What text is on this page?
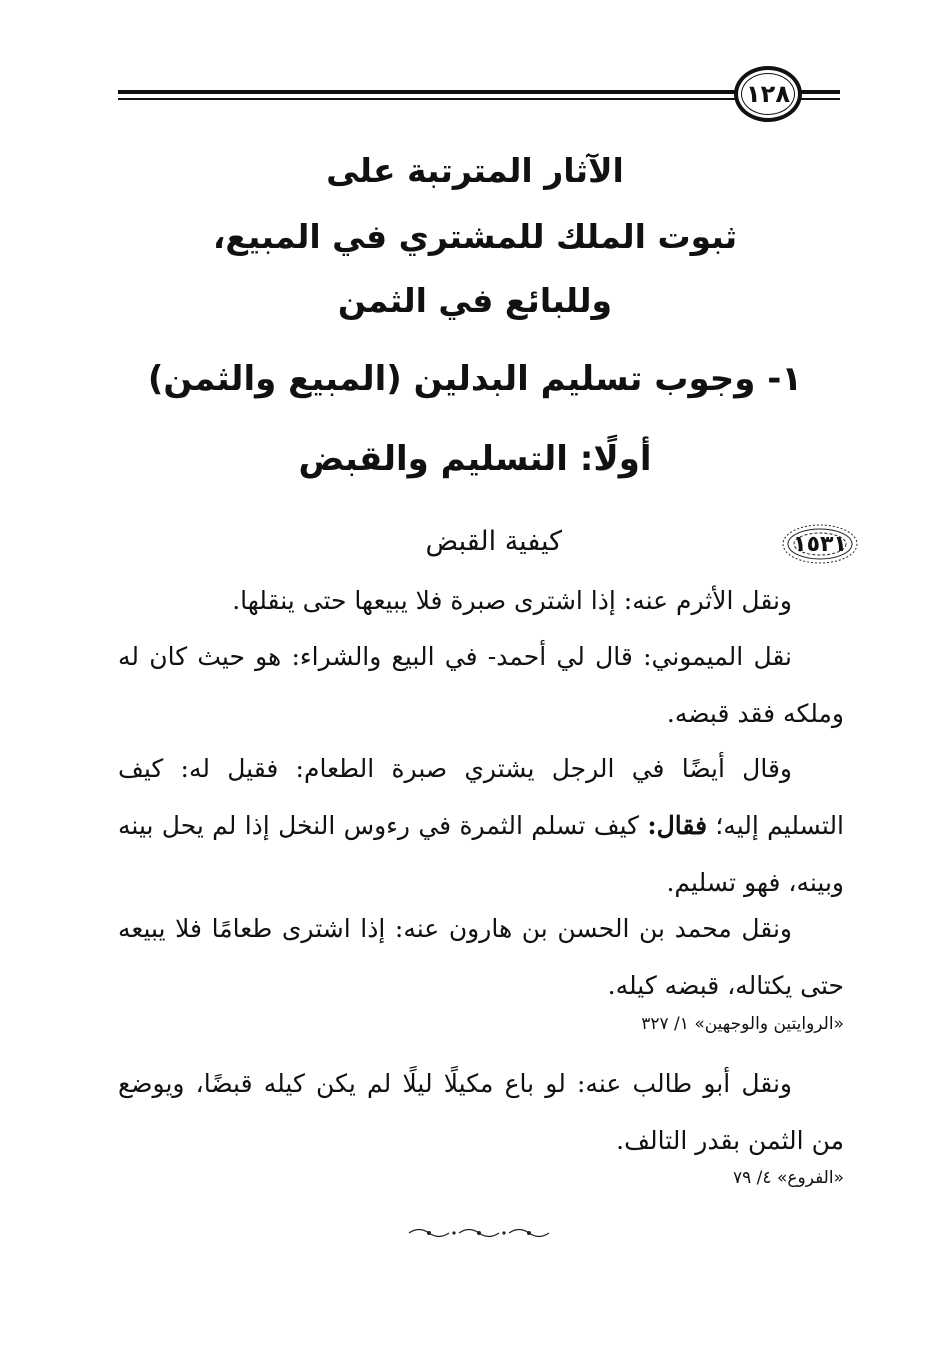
١٢٨
الآثار المترتبة على
ثبوت الملك للمشتري في المبيع،
وللبائع في الثمن
١- وجوب تسليم البدلين (المبيع والثمن)
أولًا: التسليم والقبض
١٥٣١
كيفية القبض
ونقل الأثرم عنه: إذا اشترى صبرة فلا يبيعها حتى ينقلها.
نقل الميموني: قال لي أحمد- في البيع والشراء: هو حيث كان له وملكه فقد قبضه.
وقال أيضًا في الرجل يشتري صبرة الطعام: فقيل له: كيف التسليم إليه؛ فقال: كيف تسلم الثمرة في رءوس النخل إذا لم يحل بينه وبينه، فهو تسليم.
ونقل محمد بن الحسن بن هارون عنه: إذا اشترى طعامًا فلا يبيعه حتى يكتاله، قبضه كيله.
«الروايتين والوجهين» ١/ ٣٢٧
ونقل أبو طالب عنه: لو باع مكيلًا ليلًا لم يكن كيله قبضًا، ويوضع من الثمن بقدر التالف.
«الفروع» ٤/ ٧٩
